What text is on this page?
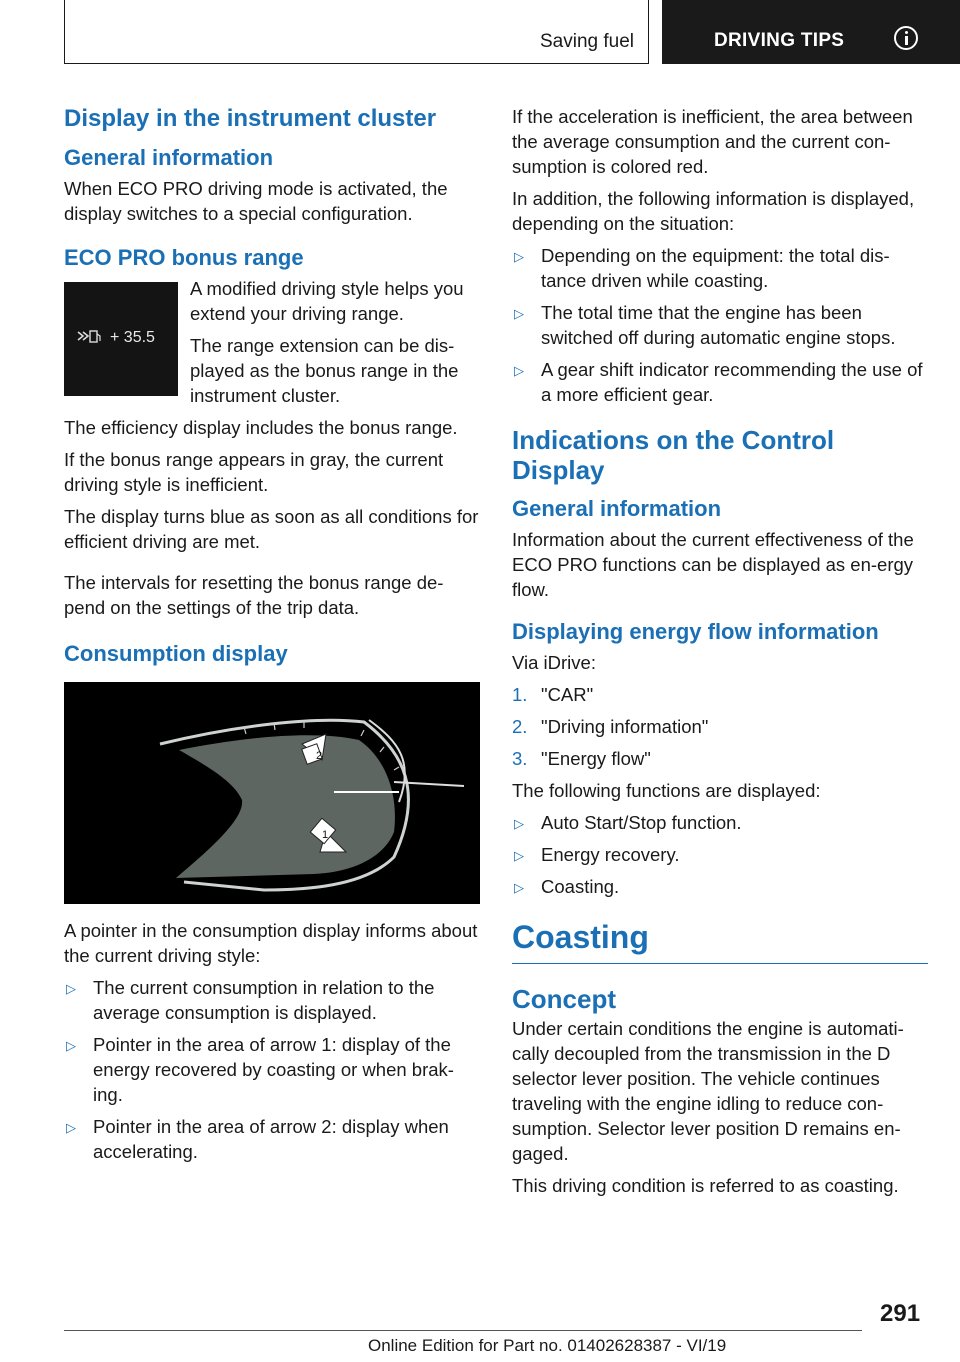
Saving fuel	DRIVING TIPS
Display in the instrument cluster
General information

When ECO PRO driving mode is activated, the display switches to a special configuration.

ECO PRO bonus range
+ 35.5

A modified driving style helps you extend your driving range.

The range extension can be dis‐played as the bonus range in the instrument cluster.

The efficiency display includes the bonus range.

If the bonus range appears in gray, the current driving style is inefficient.

The display turns blue as soon as all conditions for efficient driving are met.

The intervals for resetting the bonus range de‐pend on the settings of the trip data.

Consumption display
2
1

A pointer in the consumption display informs about the current driving style:

▷ The current consumption in relation to the average consumption is displayed.
▷ Pointer in the area of arrow 1: display of the energy recovered by coasting or when brak‐ing.
▷ Pointer in the area of arrow 2: display when accelerating.

If the acceleration is inefficient, the area between the average consumption and the current con‐sumption is colored red.

In addition, the following information is displayed, depending on the situation:

▷ Depending on the equipment: the total dis‐tance driven while coasting.
▷ The total time that the engine has been switched off during automatic engine stops.
▷ A gear shift indicator recommending the use of a more efficient gear.
Indications on the Control Display
General information

Information about the current effectiveness of the ECO PRO functions can be displayed as en‐ergy flow.

Displaying energy flow information

Via iDrive:

1. "CAR"
2. "Driving information"
3. "Energy flow"

The following functions are displayed:

▷ Auto Start/Stop function.
▷ Energy recovery.
▷ Coasting.
Coasting
Concept

Under certain conditions the engine is automati‐cally decoupled from the transmission in the D selector lever position. The vehicle continues traveling with the engine idling to reduce con‐sumption. Selector lever position D remains en‐gaged.

This driving condition is referred to as coasting.

291
Online Edition for Part no. 01402628387 - VI/19
